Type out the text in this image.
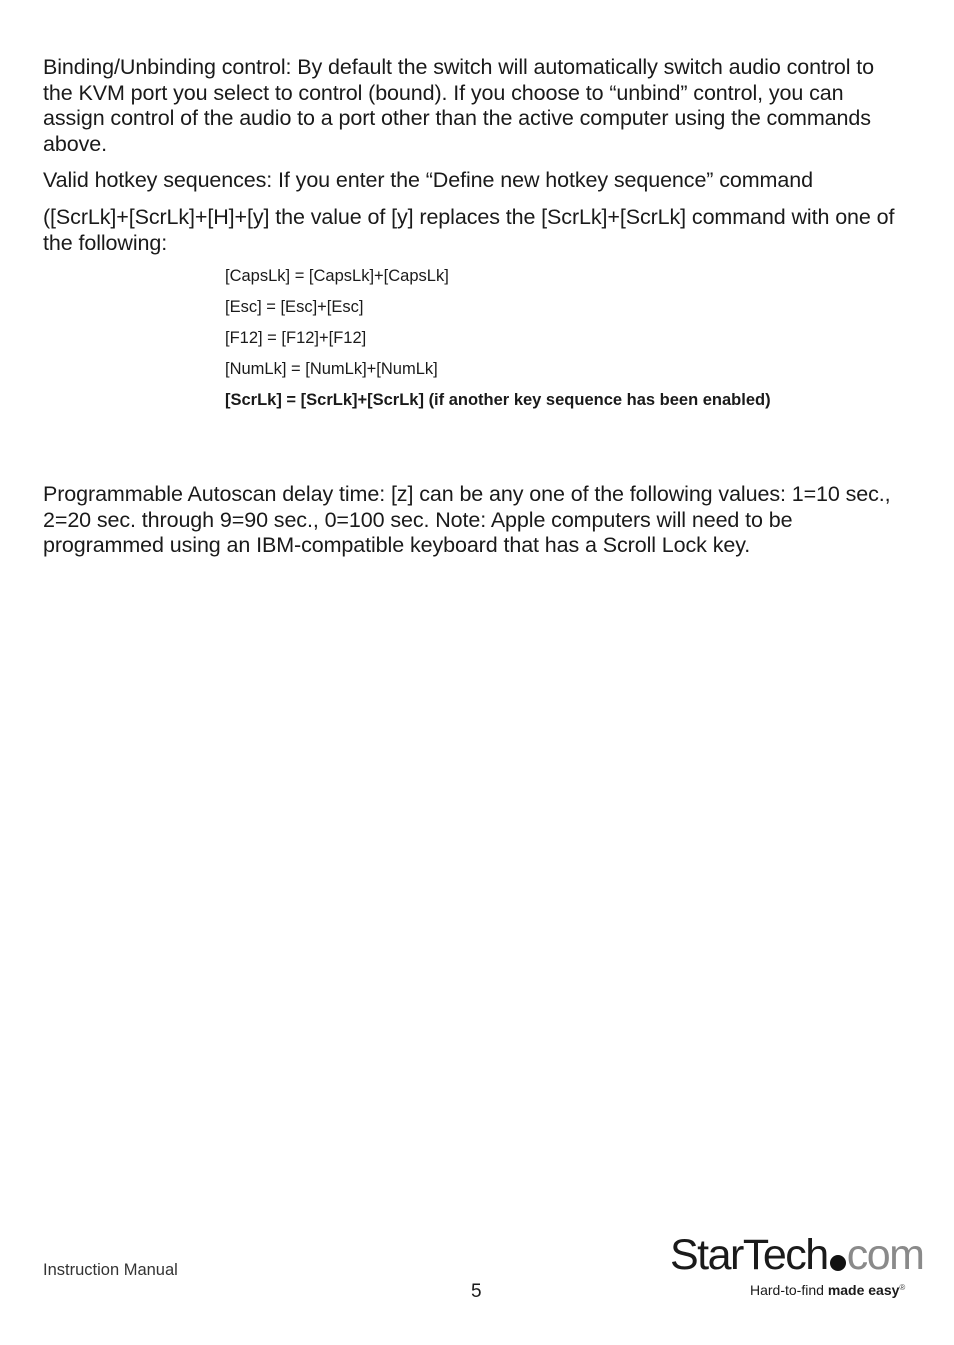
Binding/Unbinding control: By default the switch will automatically switch audio control to the KVM port you select to control (bound). If you choose to “unbind” control, you can assign control of the audio to a port other than the active computer using the commands above.

Valid hotkey sequences: If you enter the “Define new hotkey sequence” command

([ScrLk]+[ScrLk]+[H]+[y] the value of [y] replaces the [ScrLk]+[ScrLk] command with one of the following:

[CapsLk] = [CapsLk]+[CapsLk]
[Esc] = [Esc]+[Esc]
[F12] = [F12]+[F12]
[NumLk] = [NumLk]+[NumLk]
[ScrLk] = [ScrLk]+[ScrLk] (if another key sequence has been enabled)

Programmable Autoscan delay time: [z] can be any one of the following values: 1=10 sec., 2=20 sec. through 9=90 sec., 0=100 sec. Note: Apple computers will need to be programmed using an IBM-compatible keyboard that has a Scroll Lock key.

Instruction Manual
5
StarTech com
Hard-to-find made easy®
